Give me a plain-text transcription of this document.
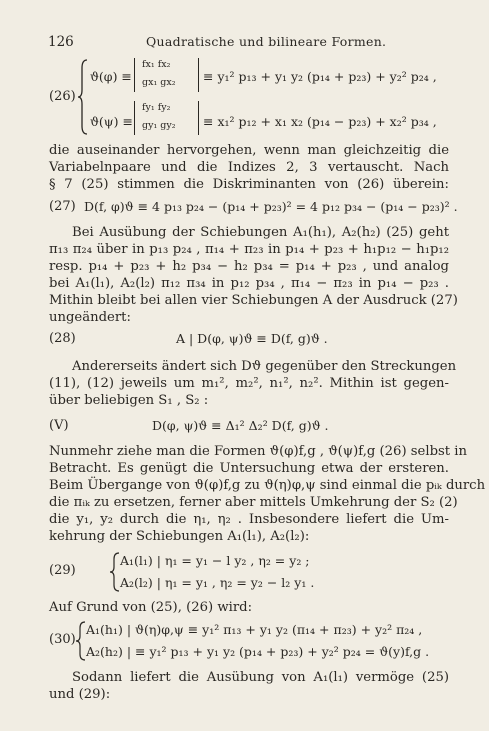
126	Quadratische und bilineare Formen.
(26)
ϑ(φ) ≡
fx₁ fx₂
gx₁ gx₂ ≡ y₁² p₁₃ + y₁ y₂ (p₁₄ + p₂₃) + y₂² p₂₄ ,
ϑ(ψ) ≡
fy₁ fy₂
gy₁ gy₂ ≡ x₁² p₁₂ + x₁ x₂ (p₁₄ − p₂₃) + x₂² p₃₄ ,
die auseinander hervorgehen, wenn man gleichzeitig die
Variabelnpaare und die Indizes 2, 3 vertauscht. Nach
§ 7 (25) stimmen die Diskriminanten von (26) überein:
(27) D(f, φ)ϑ ≡ 4 p₁₃ p₂₄ − (p₁₄ + p₂₃)² = 4 p₁₂ p₃₄ − (p₁₄ − p₂₃)² .
Bei Ausübung der Schiebungen A₁(h₁), A₂(h₂) (25) geht
π₁₃ π₂₄ über in p₁₃ p₂₄ , π₁₄ + π₂₃ in p₁₄ + p₂₃ + h₁p₁₂ − h₁p₁₂
resp. p₁₄ + p₂₃ + h₂ p₃₄ − h₂ p₃₄ = p₁₄ + p₂₃ , und analog
bei A₁(l₁), A₂(l₂) π₁₂ π₃₄ in p₁₂ p₃₄ , π₁₄ − π₂₃ in p₁₄ − p₂₃ .
Mithin bleibt bei allen vier Schiebungen A der Ausdruck (27)
ungeändert:
(28)	A | D(φ, ψ)ϑ ≡ D(f, g)ϑ .
Andererseits ändert sich Dϑ gegenüber den Streckungen
(11), (12) jeweils um m₁², m₂², n₁², n₂². Mithin ist gegen-
über beliebigen S₁ , S₂ :
(V)	D(φ, ψ)ϑ ≡ Δ₁² Δ₂² D(f, g)ϑ .
Nunmehr ziehe man die Formen ϑ(φ)f,g , ϑ(ψ)f,g (26) selbst in
Betracht. Es genügt die Untersuchung etwa der ersteren.
Beim Übergange von ϑ(φ)f,g zu ϑ(η)φ,ψ sind einmal die pᵢₖ durch
die πᵢₖ zu ersetzen, ferner aber mittels Umkehrung der S₂ (2)
die y₁, y₂ durch die η₁, η₂ . Insbesondere liefert die Um-
kehrung der Schiebungen A₁(l₁), A₂(l₂):
(29)
A₁(l₁) | η₁ = y₁ − l y₂ , η₂ = y₂ ;
A₂(l₂) | η₁ = y₁ , η₂ = y₂ − l₂ y₁ .
Auf Grund von (25), (26) wird:
(30)
A₁(h₁) | ϑ(η)φ,ψ ≡ y₁² π₁₃ + y₁ y₂ (π₁₄ + π₂₃) + y₂² π₂₄ ,
A₂(h₂) | ≡ y₁² p₁₃ + y₁ y₂ (p₁₄ + p₂₃) + y₂² p₂₄ = ϑ(y)f,g .
Sodann liefert die Ausübung von A₁(l₁) vermöge (25)
und (29):
